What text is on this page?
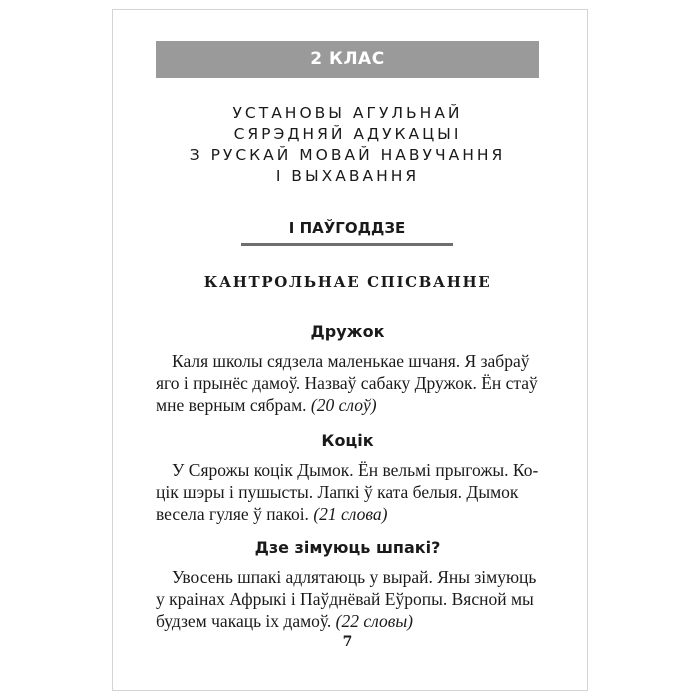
2 КЛАС
УСТАНОВЫ АГУЛЬНАЙ
СЯРЭДНЯЙ АДУКАЦЫІ
З РУСКАЙ МОВАЙ НАВУЧАННЯ
І ВЫХАВАННЯ
І ПАЎГОДДЗЕ
КАНТРОЛЬНАЕ СПІСВАННЕ
Дружок
Каля школы сядзела маленькае шчаня. Я забраў
яго і прынёс дамоў. Назваў сабаку Дружок. Ён стаў
мне верным сябрам. (20 слоў)
Коцік
У Сярожы коцік Дымок. Ён вельмі прыгожы. Ко-
цік шэры і пушысты. Лапкі ў ката белыя. Дымок
весела гуляе ў пакоі. (21 слова)
Дзе зімуюць шпакі?
Увосень шпакі адлятаюць у вырай. Яны зімуюць
у краінах Афрыкі і Паўднёвай Еўропы. Вясной мы
будзем чакаць іх дамоў. (22 словы)
7
